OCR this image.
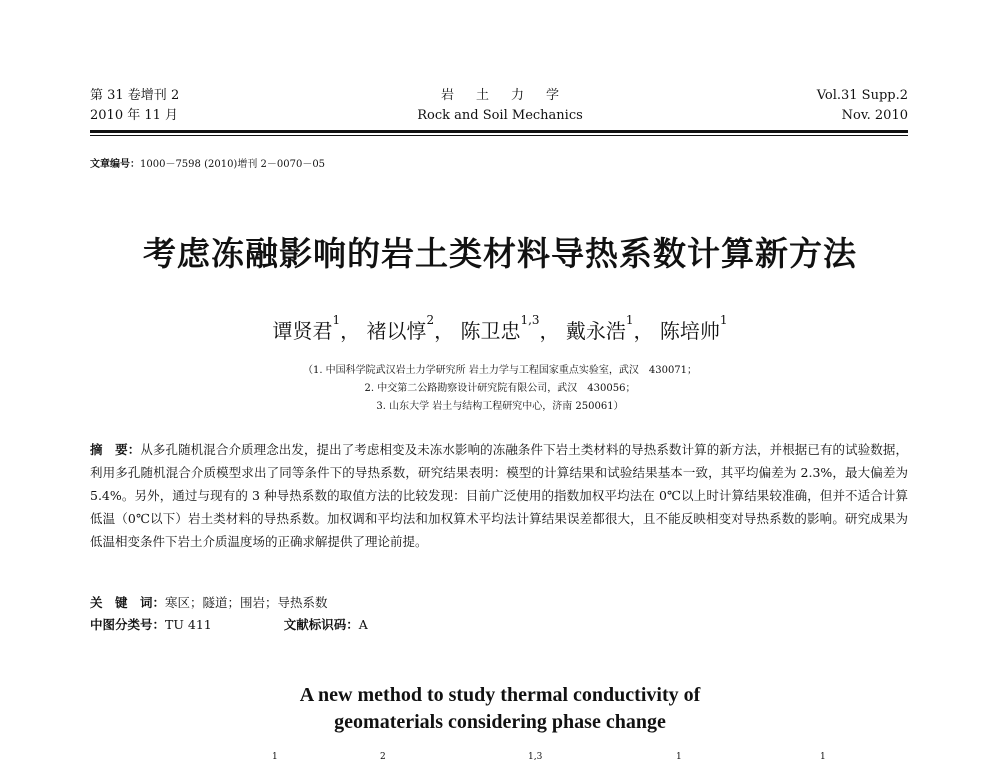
第 31 卷增刊 2
2010 年 11 月
岩土力学
Rock and Soil Mechanics
Vol.31 Supp.2
Nov. 2010
文章编号：1000－7598 (2010)增刊 2－0070－05
考虑冻融影响的岩土类材料导热系数计算新方法
谭贤君$^1$， 褚以惇$^2$， 陈卫忠$^{1,3}$， 戴永浩$^1$， 陈培帅$^1$
（1. 中国科学院武汉岩土力学研究所 岩土力学与工程国家重点实验室，武汉　430071；
2. 中交第二公路勘察设计研究院有限公司，武汉　430056；
3. 山东大学 岩土与结构工程研究中心，济南 250061）
摘　要：从多孔随机混合介质理念出发，提出了考虑相变及未冻水影响的冻融条件下岩土类材料的导热系数计算的新方法，并根据已有的试验数据，利用多孔随机混合介质模型求出了同等条件下的导热系数，研究结果表明：模型的计算结果和试验结果基本一致，其平均偏差为 2.3%，最大偏差为 5.4%。另外，通过与现有的 3 种导热系数的取值方法的比较发现：目前广泛使用的指数加权平均法在 0℃以上时计算结果较准确，但并不适合计算低温（0℃以下）岩土类材料的导热系数。加权调和平均法和加权算术平均法计算结果误差都很大，且不能反映相变对导热系数的影响。研究成果为低温相变条件下岩土介质温度场的正确求解提供了理论前提。
关　键　词：寒区；隧道；围岩；导热系数
中图分类号：TU 411	文献标识码：A
A new method to study thermal conductivity of
geomaterials considering phase change
1	2	1,3	1	1
